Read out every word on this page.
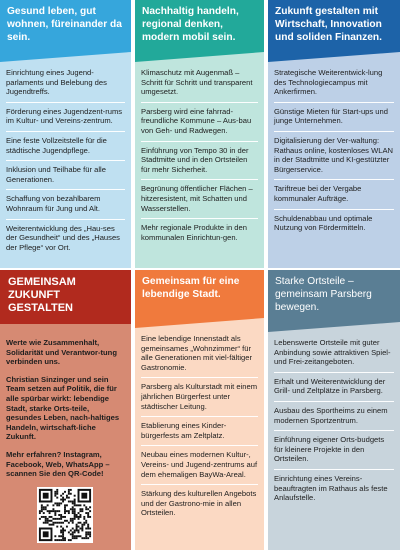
Gesund leben, gut wohnen, füreinander da sein.
Einrichtung eines Jugend-parlaments und Belebung des Jugendtreffs.
Förderung eines Jugendzent-rums im Kultur- und Vereins-zentrum.
Eine feste Vollzeitstelle für die städtische Jugendpflege.
Inklusion und Teilhabe für alle Generationen.
Schaffung von bezahlbarem Wohnraum für Jung und Alt.
Weiterentwicklung des „Hau-ses der Gesundheit“ und des „Hauses der Pflege“ vor Ort.
Nachhaltig handeln, regional denken, modern mobil sein.
Klimaschutz mit Augenmaß – Schritt für Schritt und transparent umgesetzt.
Parsberg wird eine fahrrad-freundliche Kommune – Aus-bau von Geh- und Radwegen.
Einführung von Tempo 30 in der Stadtmitte und in den Ortsteilen für mehr Sicherheit.
Begrünung öffentlicher Flächen – hitzeresistent, mit Schatten und Wasserstellen.
Mehr regionale Produkte in den kommunalen Einrichtun-gen.
Zukunft gestalten mit Wirtschaft, Innovation und soliden Finanzen.
Strategische Weiterentwick-lung des Technologiecampus mit Ankerfirmen.
Günstige Mieten für Start-ups und junge Unternehmen.
Digitalisierung der Ver-waltung: Rathaus online, kostenloses WLAN in der Stadtmitte und KI-gestützter Bürgerservice.
Tariftreue bei der Vergabe kommunaler Aufträge.
Schuldenabbau und optimale Nutzung von Fördermitteln.
GEMEINSAM
ZUKUNFT
GESTALTEN

Werte wie Zusammenhalt, Solidarität und Verantwor-tung verbinden uns.

Christian Sinzinger und sein Team setzen auf Politik, die für alle spürbar wirkt: lebendige Stadt, starke Orts-teile, gesundes Leben, nach-haltiges Handeln, wirtschaft-liche Zukunft.

Mehr erfahren? Instagram, Facebook, Web, WhatsApp – scannen Sie den QR-Code!

Gemeinsam für eine lebendige Stadt.
Eine lebendige Innenstadt als gemeinsames „Wohnzimmer“ für alle Generationen mit viel-fältiger Gastronomie.
Parsberg als Kulturstadt mit einem jährlichen Bürgerfest unter städtischer Leitung.
Etablierung eines Kinder-bürgerfests am Zeltplatz.
Neubau eines modernen Kultur-, Vereins- und Jugend-zentrums auf dem ehemaligen BayWa-Areal.
Stärkung des kulturellen Angebots und der Gastrono-mie in allen Ortsteilen.
Starke Ortsteile – gemeinsam Parsberg bewegen.
Lebenswerte Ortsteile mit guter Anbindung sowie attraktiven Spiel- und Frei-zeitangeboten.
Erhalt und Weiterentwicklung der Grill- und Zeltplätze in Parsberg.
Ausbau des Sportheims zu einem modernen Sportzentrum.
Einführung eigener Orts-budgets für kleinere Projekte in den Ortsteilen.
Einrichtung eines Vereins-beauftragten im Rathaus als feste Anlaufstelle.
